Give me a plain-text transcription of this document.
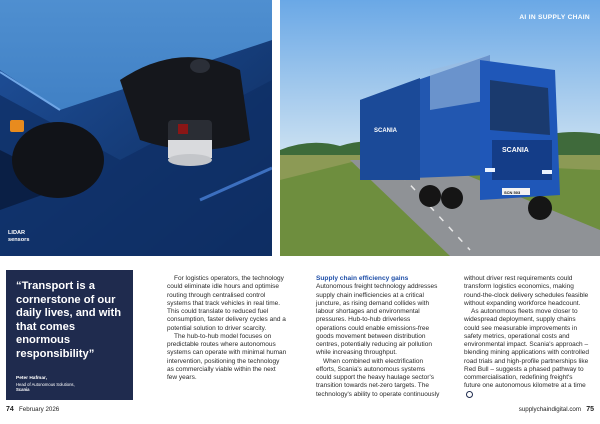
LIDAR
sensors
SCANIA
SCANIA
SCN 503
AI IN SUPPLY CHAIN

“Transport is a cornerstone of our daily lives, and with that comes enormous responsibility”

Peter Hafmar,
Head of Autonomous Solutions,
Scania

For logistics operators, the technology could eliminate idle hours and optimise routing through centralised control systems that track vehicles in real time. This could translate to reduced fuel consumption, faster delivery cycles and a potential solution to driver scarcity.

The hub-to-hub model focuses on predictable routes where autonomous systems can operate with minimal human intervention, positioning the technology as commercially viable within the next few years.

Supply chain efficiency gains

Autonomous freight technology addresses supply chain inefficiencies at a critical juncture, as rising demand collides with labour shortages and environmental pressures. Hub-to-hub driverless operations could enable emissions-free goods movement between distribution centres, potentially reducing air pollution while increasing throughput.

When combined with electrification efforts, Scania's autonomous systems could support the heavy haulage sector's transition towards net-zero targets. The technology's ability to operate continuously

without driver rest requirements could transform logistics economics, making round-the-clock delivery schedules feasible without expanding workforce headcount.

As autonomous fleets move closer to widespread deployment, supply chains could see measurable improvements in safety metrics, operational costs and environmental impact. Scania's approach – blending mining applications with controlled road trials and high-profile partnerships like Red Bull – suggests a phased pathway to commercialisation, redefining freight's future one autonomous kilometre at a time

74 February 2026	supplychaindigital.com 75
